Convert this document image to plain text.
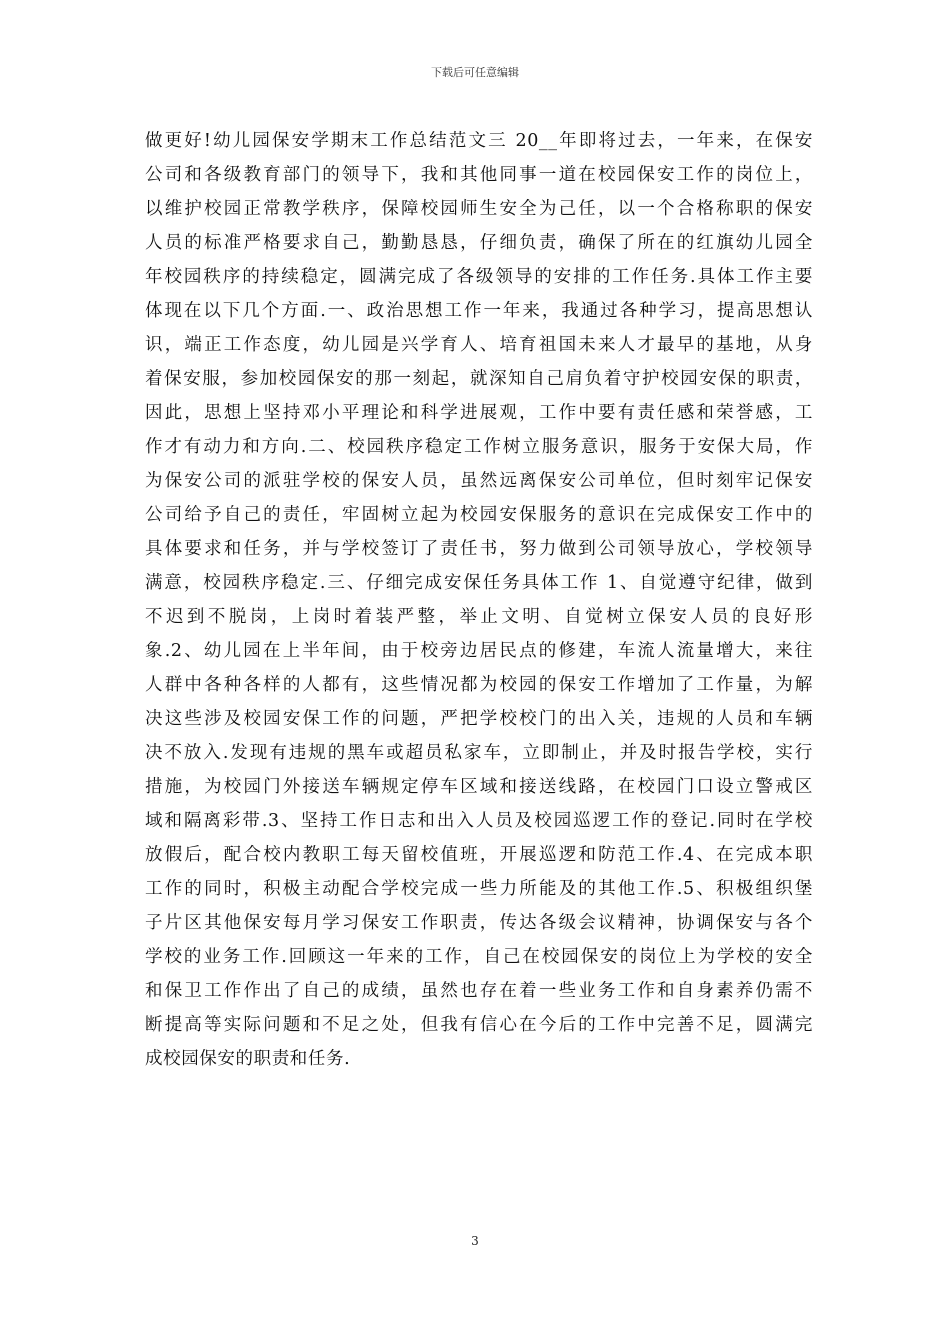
下载后可任意编辑
做更好!幼儿园保安学期末工作总结范文三 20__年即将过去，一年来，在保安
公司和各级教育部门的领导下，我和其他同事一道在校园保安工作的岗位上，
以维护校园正常教学秩序，保障校园师生安全为己任，以一个合格称职的保安
人员的标准严格要求自己，勤勤恳恳，仔细负责，确保了所在的红旗幼儿园全
年校园秩序的持续稳定，圆满完成了各级领导的安排的工作任务.具体工作主要
体现在以下几个方面.一、政治思想工作一年来，我通过各种学习，提高思想认
识，端正工作态度，幼儿园是兴学育人、培育祖国未来人才最早的基地，从身
着保安服，参加校园保安的那一刻起，就深知自己肩负着守护校园安保的职责，
因此，思想上坚持邓小平理论和科学进展观，工作中要有责任感和荣誉感，工
作才有动力和方向.二、校园秩序稳定工作树立服务意识，服务于安保大局，作
为保安公司的派驻学校的保安人员，虽然远离保安公司单位，但时刻牢记保安
公司给予自己的责任，牢固树立起为校园安保服务的意识在完成保安工作中的
具体要求和任务，并与学校签订了责任书，努力做到公司领导放心，学校领导
满意，校园秩序稳定.三、仔细完成安保任务具体工作 1、自觉遵守纪律，做到
不迟到不脱岗，上岗时着装严整，举止文明、自觉树立保安人员的良好形
象.2、幼儿园在上半年间，由于校旁边居民点的修建，车流人流量增大，来往
人群中各种各样的人都有，这些情况都为校园的保安工作增加了工作量，为解
决这些涉及校园安保工作的问题，严把学校校门的出入关，违规的人员和车辆
决不放入.发现有违规的黑车或超员私家车，立即制止，并及时报告学校，实行
措施，为校园门外接送车辆规定停车区域和接送线路，在校园门口设立警戒区
域和隔离彩带.3、坚持工作日志和出入人员及校园巡逻工作的登记.同时在学校
放假后，配合校内教职工每天留校值班，开展巡逻和防范工作.4、在完成本职
工作的同时，积极主动配合学校完成一些力所能及的其他工作.5、积极组织堡
子片区其他保安每月学习保安工作职责，传达各级会议精神，协调保安与各个
学校的业务工作.回顾这一年来的工作，自己在校园保安的岗位上为学校的安全
和保卫工作作出了自己的成绩，虽然也存在着一些业务工作和自身素养仍需不
断提高等实际问题和不足之处，但我有信心在今后的工作中完善不足，圆满完
成校园保安的职责和任务.
3
